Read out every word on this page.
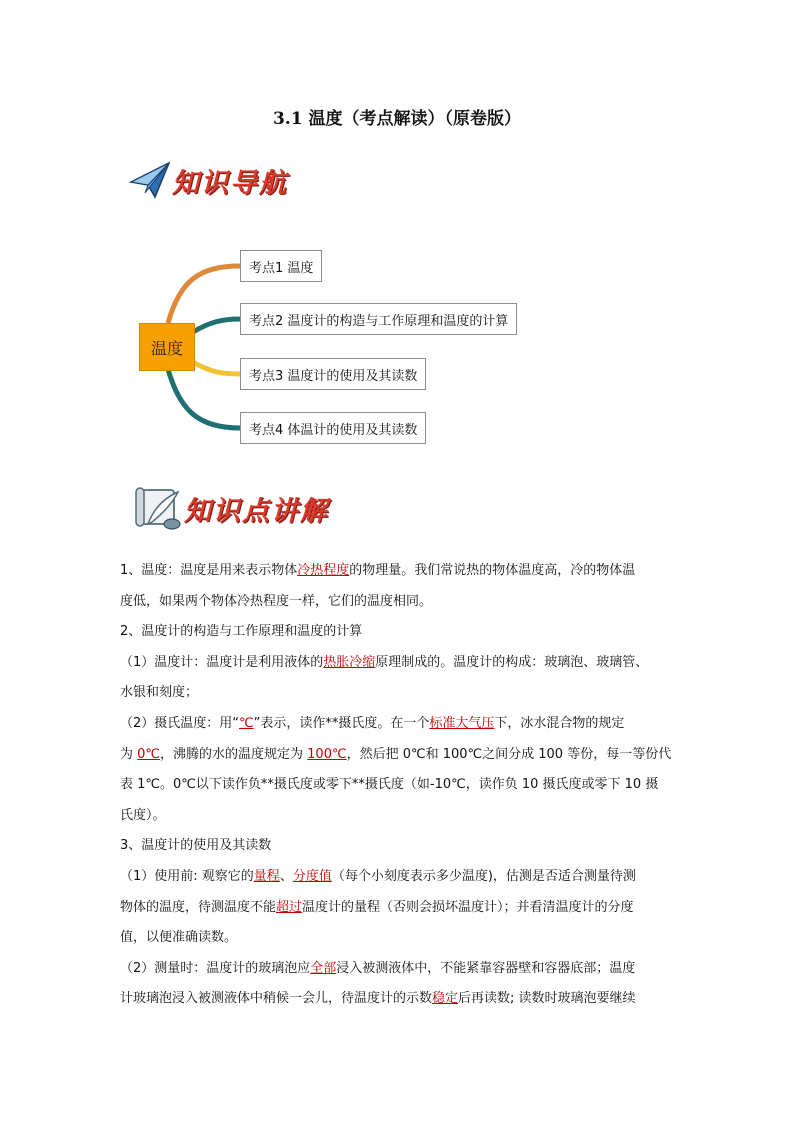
3.1 温度（考点解读）（原卷版）
知识导航
温度
考点1 温度
考点2 温度计的构造与工作原理和温度的计算
考点3 温度计的使用及其读数
考点4 体温计的使用及其读数
知识点讲解

1、温度：温度是用来表示物体冷热程度的物理量。我们常说热的物体温度高，冷的物体温
度低，如果两个物体冷热程度一样，它们的温度相同。

2、温度计的构造与工作原理和温度的计算

（1）温度计：温度计是利用液体的热胀冷缩原理制成的。温度计的构成：玻璃泡、玻璃管、
水银和刻度；

（2）摄氏温度：用“℃”表示，读作**摄氏度。在一个标准大气压下，冰水混合物的规定
为 0℃，沸腾的水的温度规定为 100℃，然后把 0℃和 100℃之间分成 100 等份，每一等份代
表 1℃。0℃以下读作负**摄氏度或零下**摄氏度（如-10℃，读作负 10 摄氏度或零下 10 摄
氏度）。

3、温度计的使用及其读数

（1）使用前: 观察它的量程、分度值（每个小刻度表示多少温度)，估测是否适合测量待测
物体的温度，待测温度不能超过温度计的量程（否则会损坏温度计）；并看清温度计的分度
值，以便准确读数。

（2）测量时：温度计的玻璃泡应全部浸入被测液体中，不能紧靠容器壁和容器底部；温度
计玻璃泡浸入被测液体中稍候一会儿，待温度计的示数稳定后再读数; 读数时玻璃泡要继续
